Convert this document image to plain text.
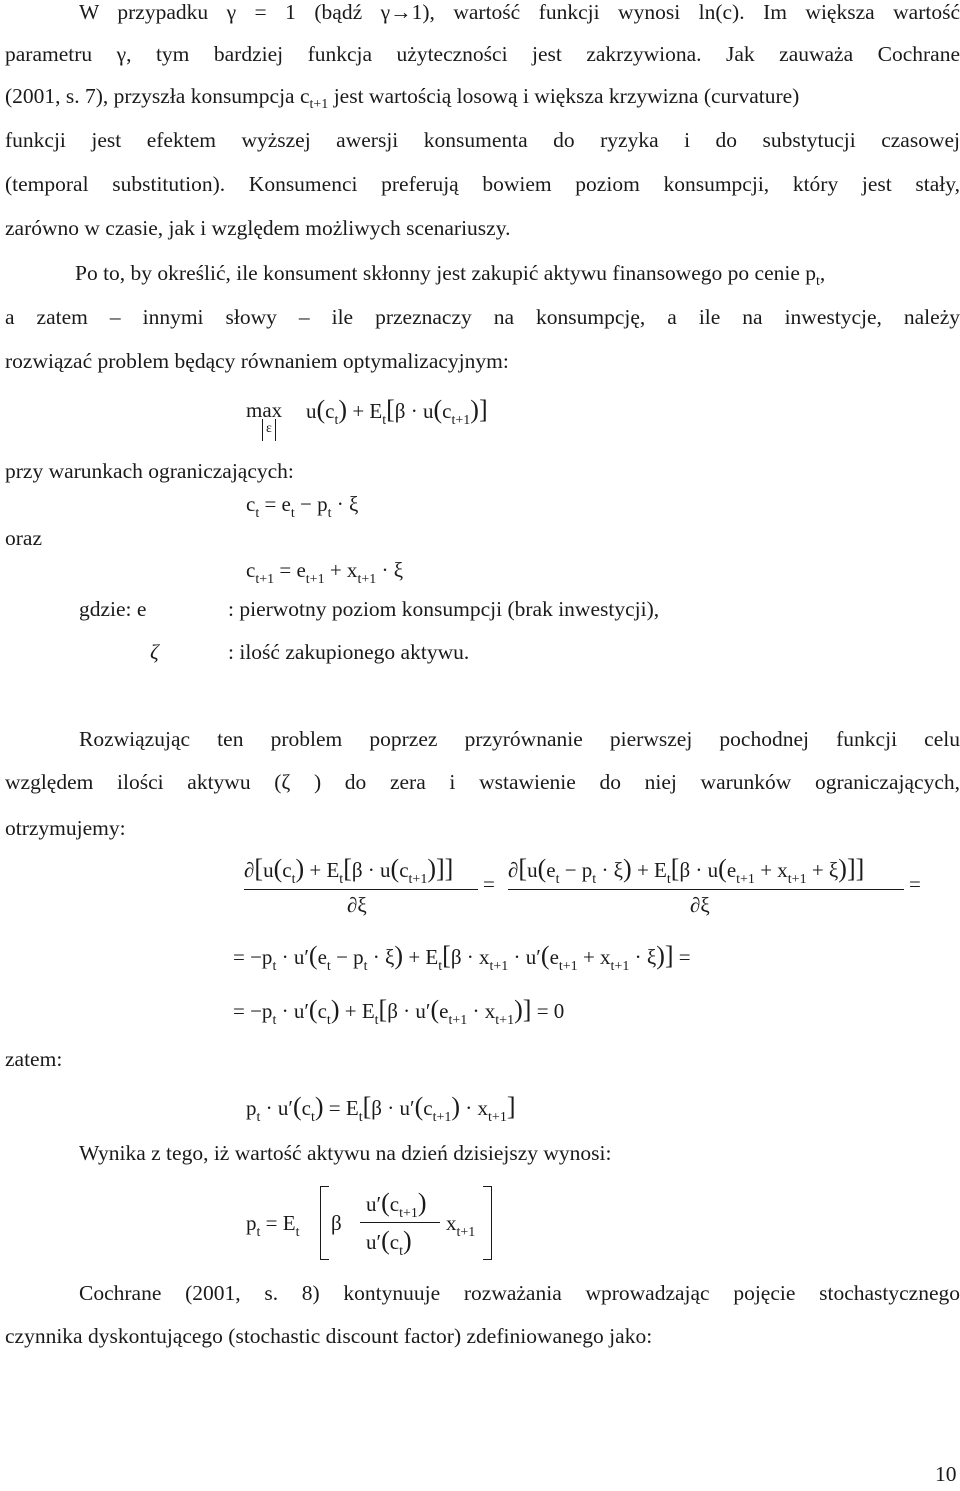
W przypadku γ = 1 (bądź γ→1), wartość funkcji wynosi ln(c). Im większa wartość
parametru γ, tym bardziej funkcja użyteczności jest zakrzywiona. Jak zauważa Cochrane
(2001, s. 7), przyszła konsumpcja $c_{t+1}$ jest wartością losową i większa krzywizna (curvature)
funkcji jest efektem wyższej awersji konsumenta do ryzyka i do substytucji czasowej
(temporal substitution). Konsumenci preferują bowiem poziom konsumpcji, który jest stały,
zarówno w czasie, jak i względem możliwych scenariuszy.
Po to, by określić, ile konsument skłonny jest zakupić aktywu finansowego po cenie $p_t$,
a zatem – innymi słowy – ile przeznaczy na konsumpcję, a ile na inwestycje, należy
rozwiązać problem będący równaniem optymalizacyjnym:
max
ε
$u(c_t) + E_t[\beta \cdot u(c_{t+1})]$
przy warunkach ograniczających:
$c_t = e_t - p_t \cdot \xi$
oraz
$c_{t+1} = e_{t+1} + x_{t+1} \cdot \xi$
gdzie: e	: pierwotny poziom konsumpcji (brak inwestycji),
ζ	: ilość zakupionego aktywu.
Rozwiązując ten problem poprzez przyrównanie pierwszej pochodnej funkcji celu
względem ilości aktywu (ζ ) do zera i wstawienie do niej warunków ograniczających,
otrzymujemy:
$\partial[u(c_t) + E_t[\beta \cdot u(c_{t+1})]]$
∂ξ
=
$\partial[u(e_t - p_t \cdot \xi) + E_t[\beta \cdot u(e_{t+1} + x_{t+1} + \xi)]]$
∂ξ
=
= $-p_t \cdot u'(e_t - p_t \cdot \xi) + E_t[\beta \cdot x_{t+1} \cdot u'(e_{t+1} + x_{t+1} \cdot \xi)]$ =
= $-p_t \cdot u'(c_t) + E_t[\beta \cdot u'(e_{t+1} \cdot x_{t+1})] = 0$
zatem:
$p_t \cdot u'(c_t) = E_t[\beta \cdot u'(c_{t+1}) \cdot x_{t+1}]$
Wynika z tego, iż wartość aktywu na dzień dzisiejszy wynosi:
$p_t = E_t$ β
$u'(c_{t+1})$
$u'(c_t)$
$x_{t+1}$
Cochrane (2001, s. 8) kontynuuje rozważania wprowadzając pojęcie stochastycznego
czynnika dyskontującego (stochastic discount factor) zdefiniowanego jako:
10
